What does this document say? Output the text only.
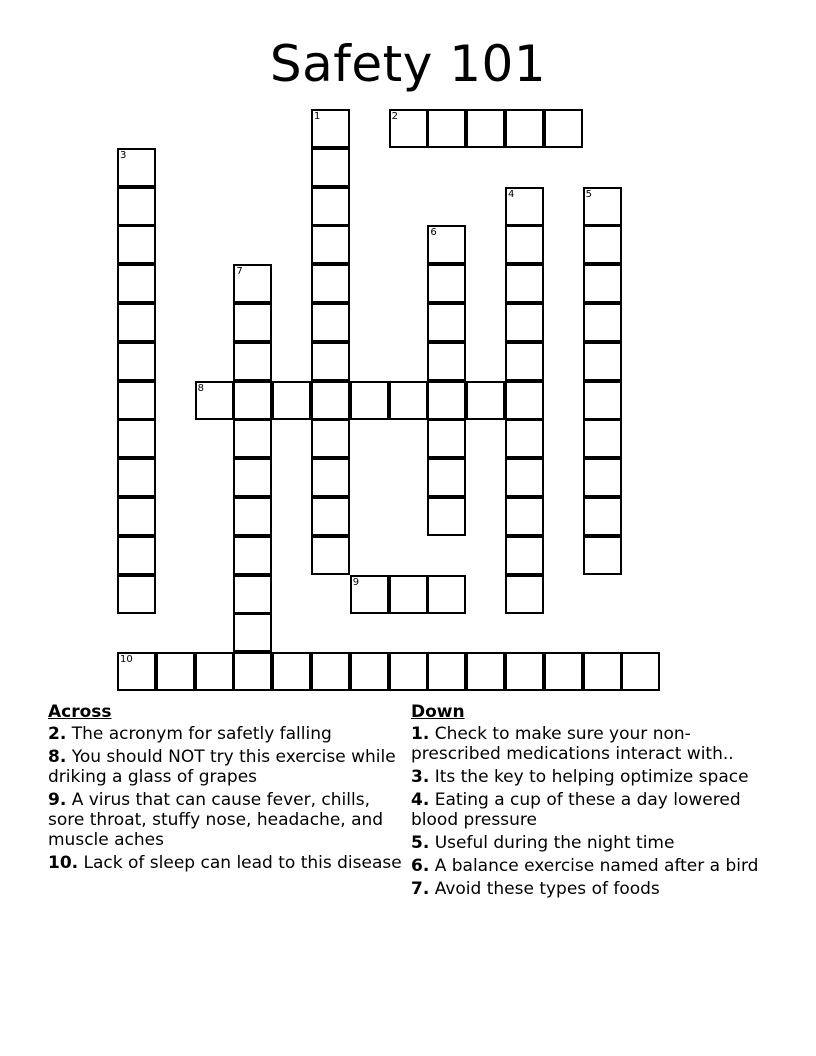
Safety 101
1	2
3
4	5
6
7
8
9
10
Across
2. The acronym for safetly falling
8. You should NOT try this exercise while driking a glass of grapes
9. A virus that can cause fever, chills, sore throat, stuffy nose, headache, and muscle aches
10. Lack of sleep can lead to this disease
Down
1. Check to make sure your non-prescribed medications interact with..
3. Its the key to helping optimize space
4. Eating a cup of these a day lowered blood pressure
5. Useful during the night time
6. A balance exercise named after a bird
7. Avoid these types of foods
